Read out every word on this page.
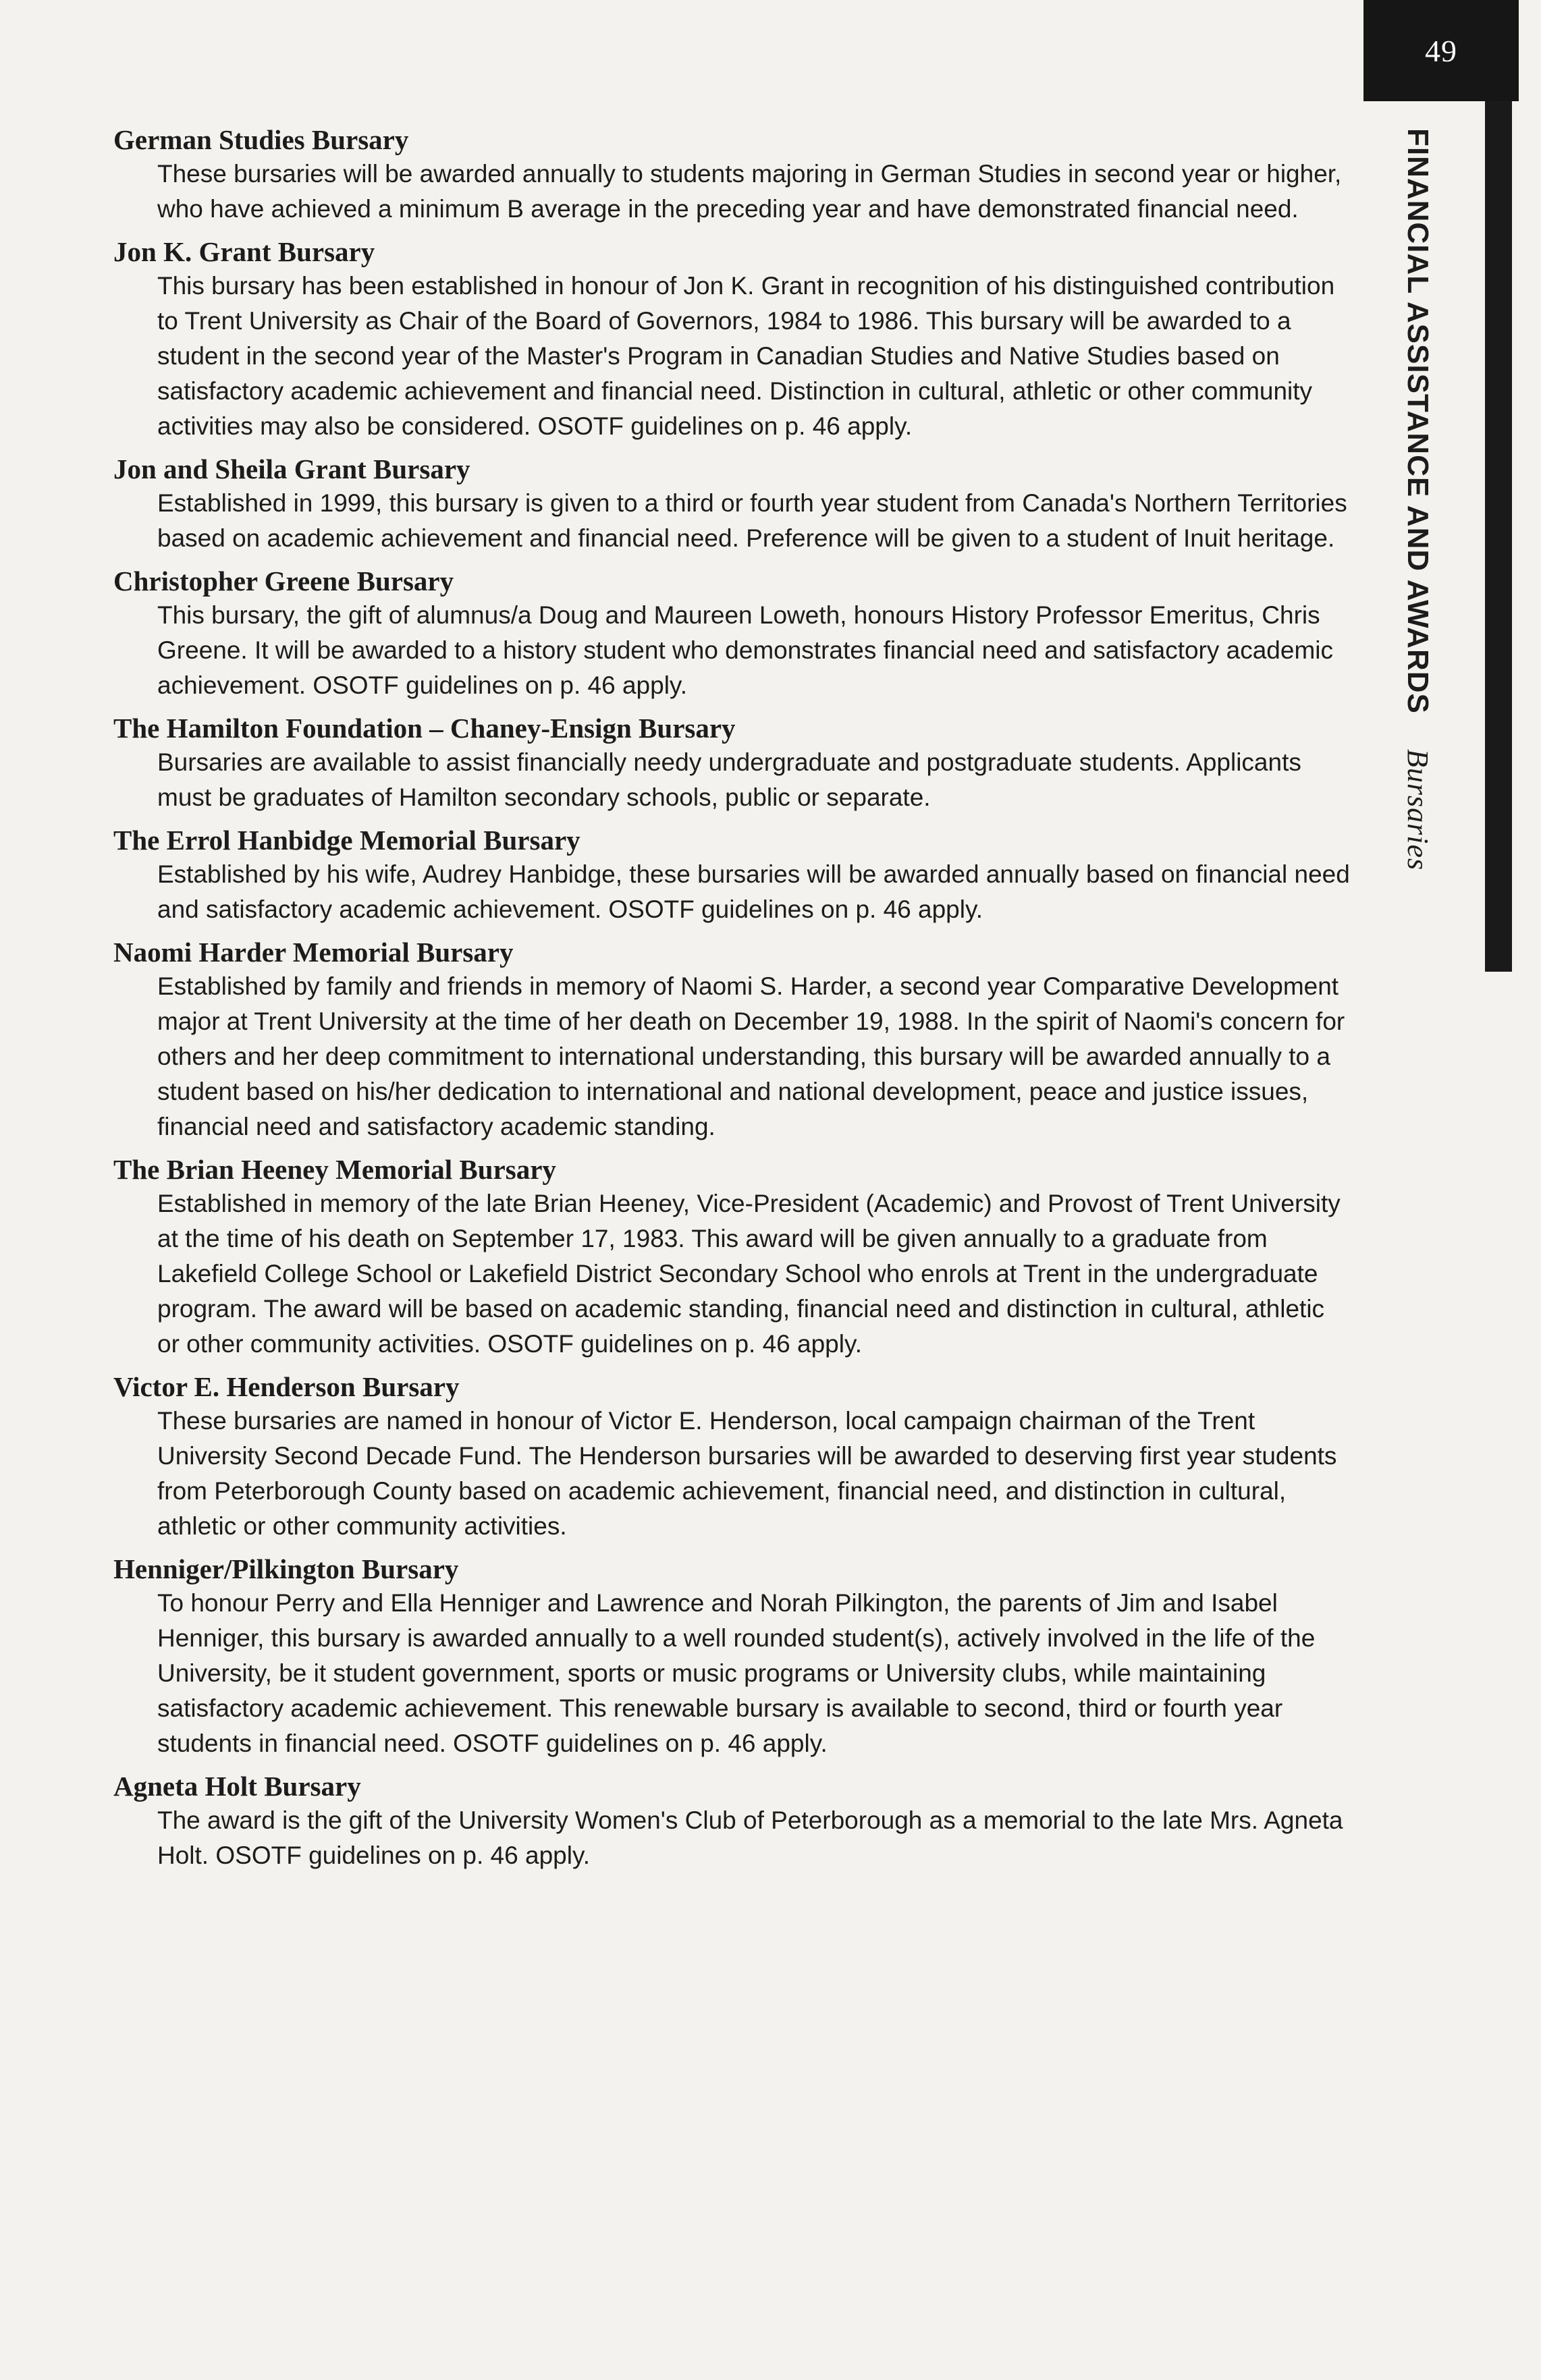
49
FINANCIAL ASSISTANCE AND AWARDS Bursaries
German Studies Bursary
These bursaries will be awarded annually to students majoring in German Studies in second year or higher, who have achieved a minimum B average in the preceding year and have demonstrated financial need.
Jon K. Grant Bursary
This bursary has been established in honour of Jon K. Grant in recognition of his distinguished contribution to Trent University as Chair of the Board of Governors, 1984 to 1986. This bursary will be awarded to a student in the second year of the Master's Program in Canadian Studies and Native Studies based on satisfactory academic achievement and financial need. Distinction in cultural, athletic or other community activities may also be considered. OSOTF guidelines on p. 46 apply.
Jon and Sheila Grant Bursary
Established in 1999, this bursary is given to a third or fourth year student from Canada's Northern Territories based on academic achievement and financial need. Preference will be given to a student of Inuit heritage.
Christopher Greene Bursary
This bursary, the gift of alumnus/a Doug and Maureen Loweth, honours History Professor Emeritus, Chris Greene. It will be awarded to a history student who demonstrates financial need and satisfactory academic achievement. OSOTF guidelines on p. 46 apply.
The Hamilton Foundation – Chaney-Ensign Bursary
Bursaries are available to assist financially needy undergraduate and postgraduate students. Applicants must be graduates of Hamilton secondary schools, public or separate.
The Errol Hanbidge Memorial Bursary
Established by his wife, Audrey Hanbidge, these bursaries will be awarded annually based on financial need and satisfactory academic achievement. OSOTF guidelines on p. 46 apply.
Naomi Harder Memorial Bursary
Established by family and friends in memory of Naomi S. Harder, a second year Comparative Development major at Trent University at the time of her death on December 19, 1988. In the spirit of Naomi's concern for others and her deep commitment to international understanding, this bursary will be awarded annually to a student based on his/her dedication to international and national development, peace and justice issues, financial need and satisfactory academic standing.
The Brian Heeney Memorial Bursary
Established in memory of the late Brian Heeney, Vice-President (Academic) and Provost of Trent University at the time of his death on September 17, 1983. This award will be given annually to a graduate from Lakefield College School or Lakefield District Secondary School who enrols at Trent in the undergraduate program. The award will be based on academic standing, financial need and distinction in cultural, athletic or other community activities. OSOTF guidelines on p. 46 apply.
Victor E. Henderson Bursary
These bursaries are named in honour of Victor E. Henderson, local campaign chairman of the Trent University Second Decade Fund. The Henderson bursaries will be awarded to deserving first year students from Peterborough County based on academic achievement, financial need, and distinction in cultural, athletic or other community activities.
Henniger/Pilkington Bursary
To honour Perry and Ella Henniger and Lawrence and Norah Pilkington, the parents of Jim and Isabel Henniger, this bursary is awarded annually to a well rounded student(s), actively involved in the life of the University, be it student government, sports or music programs or University clubs, while maintaining satisfactory academic achievement. This renewable bursary is available to second, third or fourth year students in financial need. OSOTF guidelines on p. 46 apply.
Agneta Holt Bursary
The award is the gift of the University Women's Club of Peterborough as a memorial to the late Mrs. Agneta Holt. OSOTF guidelines on p. 46 apply.
